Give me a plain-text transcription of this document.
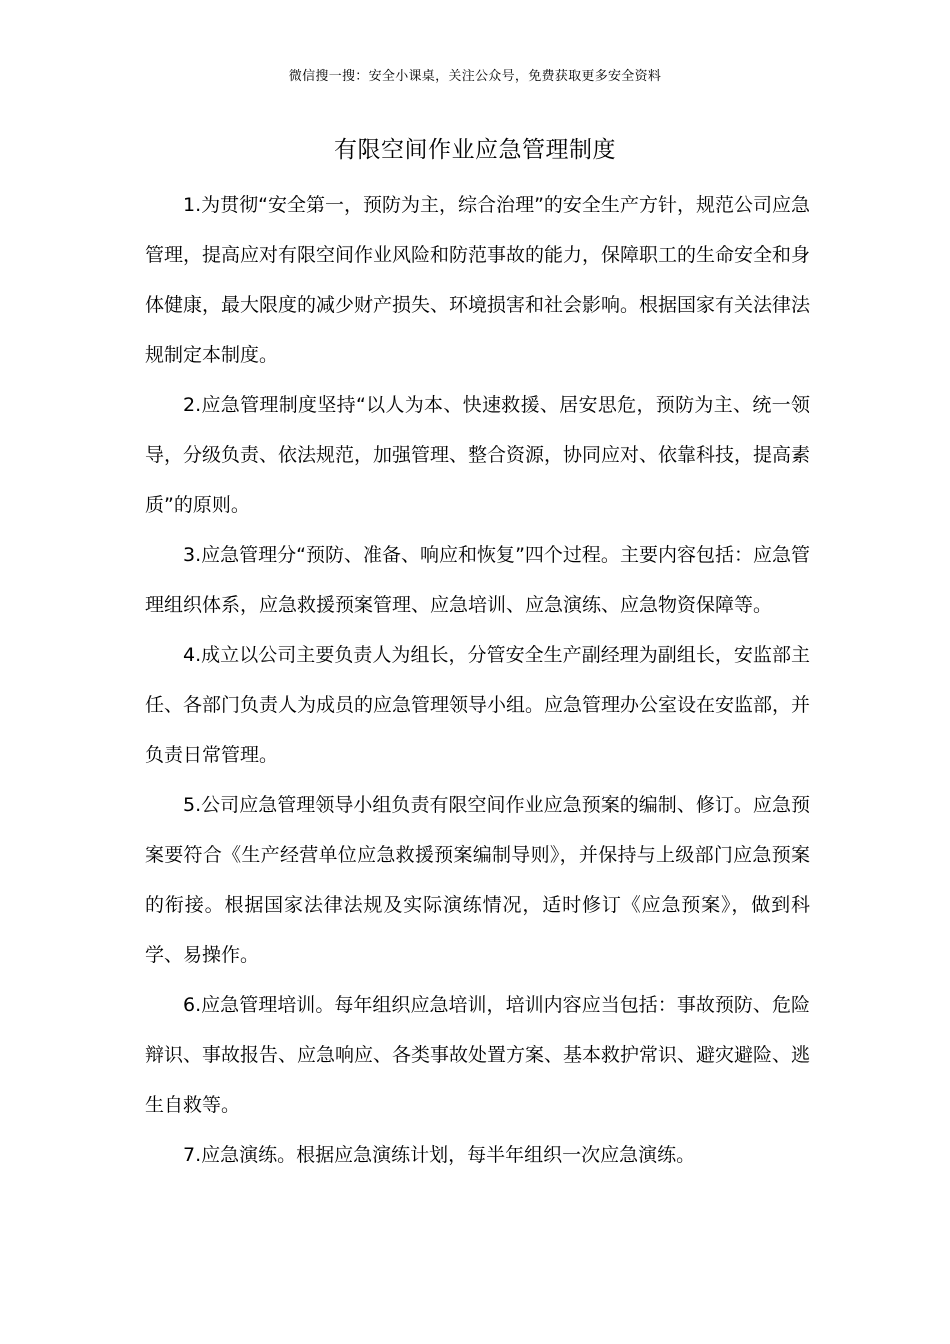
微信搜一搜：安全小课桌，关注公众号，免费获取更多安全资料
有限空间作业应急管理制度

1.为贯彻“安全第一，预防为主，综合治理”的安全生产方针，规范公司应急管理，提高应对有限空间作业风险和防范事故的能力，保障职工的生命安全和身体健康，最大限度的减少财产损失、环境损害和社会影响。根据国家有关法律法规制定本制度。

2.应急管理制度坚持“以人为本、快速救援、居安思危，预防为主、统一领导，分级负责、依法规范，加强管理、整合资源，协同应对、依靠科技，提高素质”的原则。

3.应急管理分“预防、准备、响应和恢复”四个过程。主要内容包括：应急管理组织体系，应急救援预案管理、应急培训、应急演练、应急物资保障等。

4.成立以公司主要负责人为组长，分管安全生产副经理为副组长，安监部主任、各部门负责人为成员的应急管理领导小组。应急管理办公室设在安监部，并负责日常管理。

5.公司应急管理领导小组负责有限空间作业应急预案的编制、修订。应急预案要符合《生产经营单位应急救援预案编制导则》，并保持与上级部门应急预案的衔接。根据国家法律法规及实际演练情况，适时修订《应急预案》，做到科学、易操作。

6.应急管理培训。每年组织应急培训，培训内容应当包括：事故预防、危险辩识、事故报告、应急响应、各类事故处置方案、基本救护常识、避灾避险、逃生自救等。

7.应急演练。根据应急演练计划，每半年组织一次应急演练。
